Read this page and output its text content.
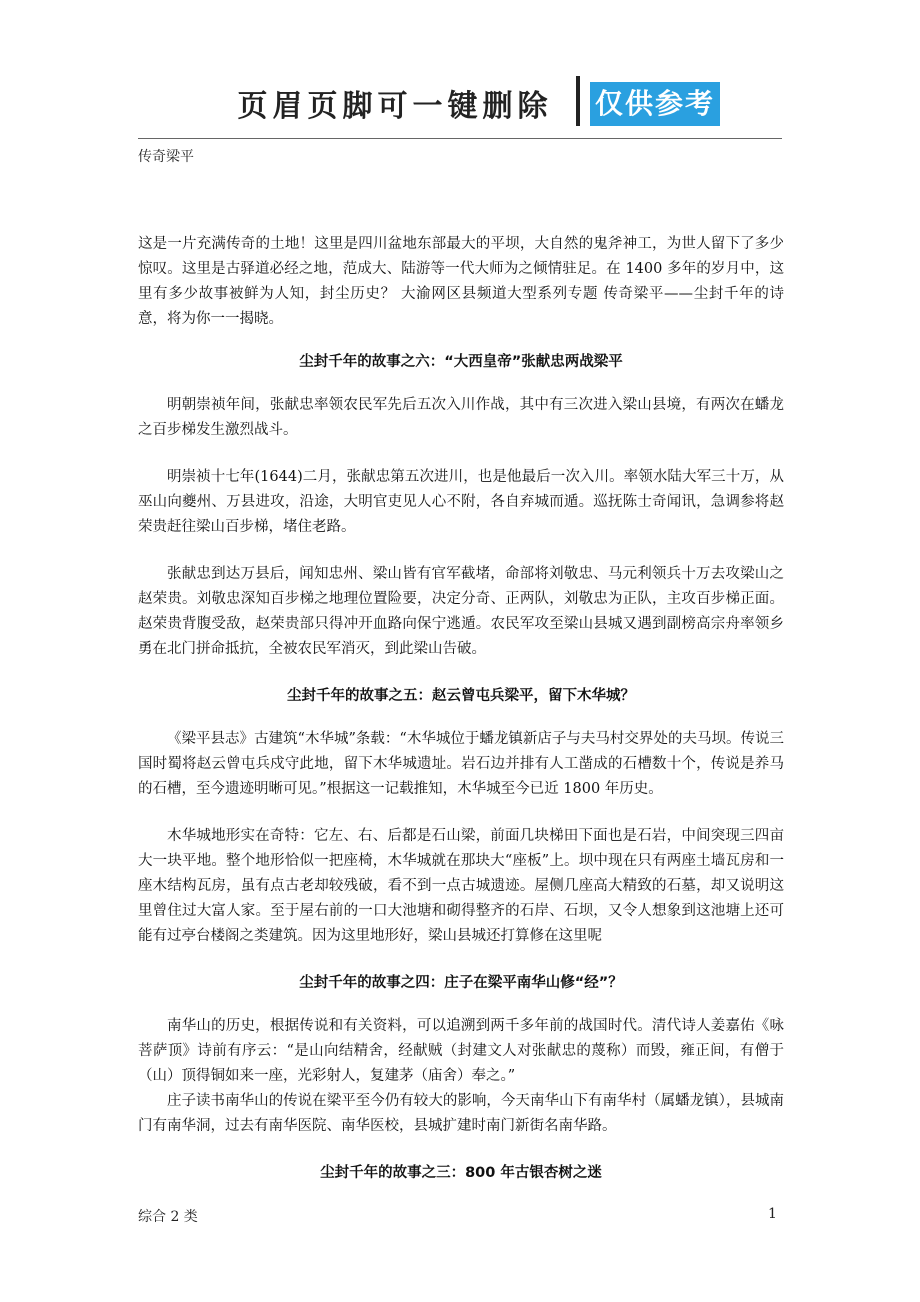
页眉页脚可一键删除	仅供参考
传奇梁平

这是一片充满传奇的土地！这里是四川盆地东部最大的平坝，大自然的鬼斧神工，为世人留下了多少惊叹。这里是古驿道必经之地，范成大、陆游等一代大师为之倾情驻足。在 1400 多年的岁月中，这里有多少故事被鲜为人知，封尘历史？ 大渝网区县频道大型系列专题 传奇梁平——尘封千年的诗意，将为你一一揭晓。

尘封千年的故事之六：“大西皇帝”张献忠两战梁平

明朝崇祯年间，张献忠率领农民军先后五次入川作战，其中有三次进入梁山县境，有两次在蟠龙之百步梯发生激烈战斗。

明崇祯十七年(1644)二月，张献忠第五次进川，也是他最后一次入川。率领水陆大军三十万，从巫山向夔州、万县进攻，沿途，大明官吏见人心不附，各自弃城而遁。巡抚陈士奇闻讯，急调参将赵荣贵赶往梁山百步梯，堵住老路。

张献忠到达万县后，闻知忠州、梁山皆有官军截堵，命部将刘敬忠、马元利领兵十万去攻梁山之赵荣贵。刘敬忠深知百步梯之地理位置险要，决定分奇、正两队，刘敬忠为正队，主攻百步梯正面。赵荣贵背腹受敌，赵荣贵部只得冲开血路向保宁逃遁。农民军攻至梁山县城又遇到副榜高宗舟率领乡勇在北门拼命抵抗，全被农民军消灭，到此梁山告破。

尘封千年的故事之五：赵云曾屯兵梁平，留下木华城？

《梁平县志》古建筑“木华城”条载：“木华城位于蟠龙镇新店子与夫马村交界处的夫马坝。传说三国时蜀将赵云曾屯兵戍守此地，留下木华城遗址。岩石边并排有人工凿成的石槽数十个，传说是养马的石槽，至今遗迹明晰可见。”根据这一记载推知，木华城至今已近 1800 年历史。

木华城地形实在奇特：它左、右、后都是石山梁，前面几块梯田下面也是石岩，中间突现三四亩大一块平地。整个地形恰似一把座椅，木华城就在那块大“座板”上。坝中现在只有两座土墙瓦房和一座木结构瓦房，虽有点古老却较残破，看不到一点古城遗迹。屋侧几座高大精致的石墓，却又说明这里曾住过大富人家。至于屋右前的一口大池塘和砌得整齐的石岸、石坝，又令人想象到这池塘上还可能有过亭台楼阁之类建筑。因为这里地形好，梁山县城还打算修在这里呢

尘封千年的故事之四：庄子在梁平南华山修“经”？

南华山的历史，根据传说和有关资料，可以追溯到两千多年前的战国时代。清代诗人姜嘉佑《咏菩萨顶》诗前有序云：“是山向结精舍，经献贼（封建文人对张献忠的蔑称）而毁，雍正间，有僧于（山）顶得铜如来一座，光彩射人，复建茅（庙舍）奉之。”

庄子读书南华山的传说在梁平至今仍有较大的影响，今天南华山下有南华村（属蟠龙镇），县城南门有南华洞，过去有南华医院、南华医校，县城扩建时南门新街名南华路。

尘封千年的故事之三：800 年古银杏树之迷

综合 2 类	1
